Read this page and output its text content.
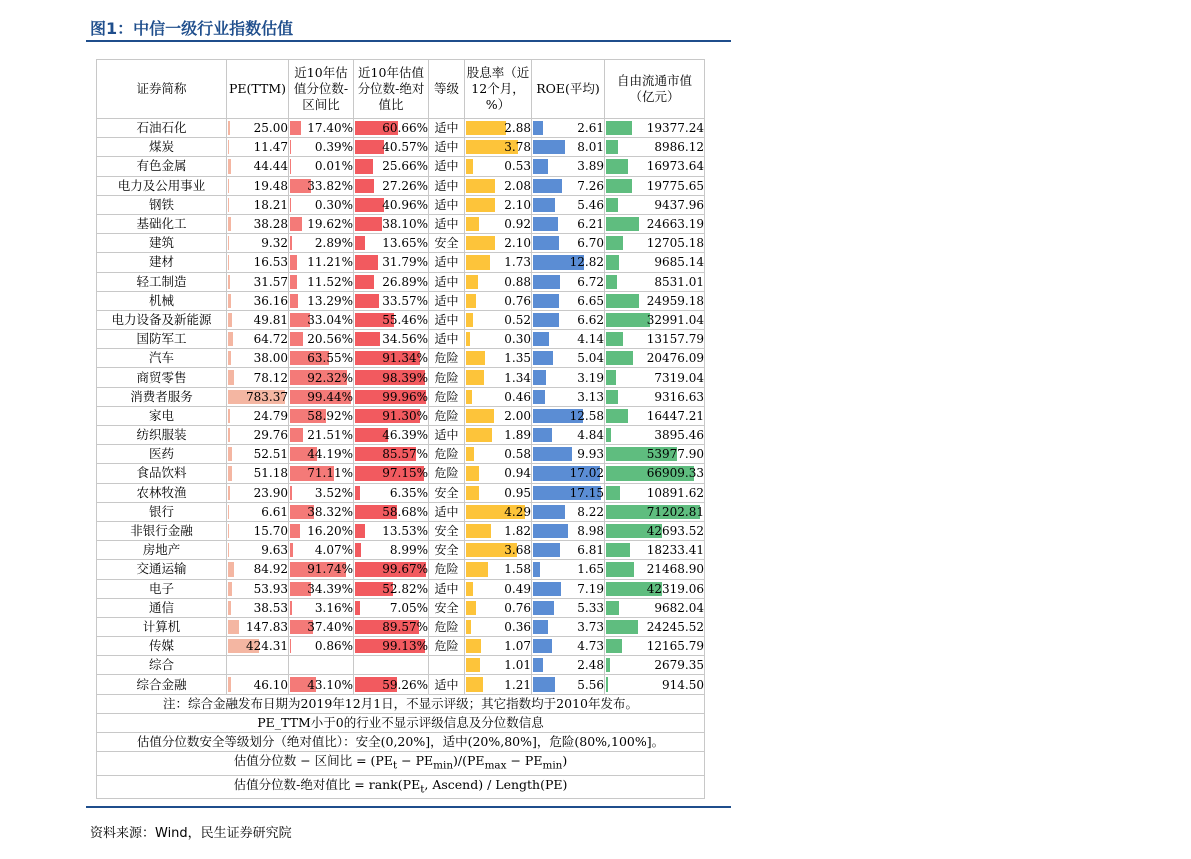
图1：中信一级行业指数估值
证券简称	PE(TTM)	近10年估值分位数-区间比	近10年估值分位数-绝对值比	等级	股息率（近12个月，%）	ROE(平均)	自由流通市值（亿元）
石油石化	25.00	17.40%	60.66%	适中	2.88	2.61	19377.24
煤炭	11.47	0.39%	40.57%	适中	3.78	8.01	8986.12
有色金属	44.44	0.01%	25.66%	适中	0.53	3.89	16973.64
电力及公用事业	19.48	33.82%	27.26%	适中	2.08	7.26	19775.65
钢铁	18.21	0.30%	40.96%	适中	2.10	5.46	9437.96
基础化工	38.28	19.62%	38.10%	适中	0.92	6.21	24663.19
建筑	9.32	2.89%	13.65%	安全	2.10	6.70	12705.18
建材	16.53	11.21%	31.79%	适中	1.73	12.82	9685.14
轻工制造	31.57	11.52%	26.89%	适中	0.88	6.72	8531.01
机械	36.16	13.29%	33.57%	适中	0.76	6.65	24959.18
电力设备及新能源	49.81	33.04%	55.46%	适中	0.52	6.62	32991.04
国防军工	64.72	20.56%	34.56%	适中	0.30	4.14	13157.79
汽车	38.00	63.55%	91.34%	危险	1.35	5.04	20476.09
商贸零售	78.12	92.32%	98.39%	危险	1.34	3.19	7319.04
消费者服务	783.37	99.44%	99.96%	危险	0.46	3.13	9316.63
家电	24.79	58.92%	91.30%	危险	2.00	12.58	16447.21
纺织服装	29.76	21.51%	46.39%	适中	1.89	4.84	3895.46
医药	52.51	44.19%	85.57%	危险	0.58	9.93	53977.90
食品饮料	51.18	71.11%	97.15%	危险	0.94	17.02	66909.33
农林牧渔	23.90	3.52%	6.35%	安全	0.95	17.15	10891.62
银行	6.61	38.32%	58.68%	适中	4.29	8.22	71202.81
非银行金融	15.70	16.20%	13.53%	安全	1.82	8.98	42693.52
房地产	9.63	4.07%	8.99%	安全	3.68	6.81	18233.41
交通运输	84.92	91.74%	99.67%	危险	1.58	1.65	21468.90
电子	53.93	34.39%	52.82%	适中	0.49	7.19	42319.06
通信	38.53	3.16%	7.05%	安全	0.76	5.33	9682.04
计算机	147.83	37.40%	89.57%	危险	0.36	3.73	24245.52
传媒	424.31	0.86%	99.13%	危险	1.07	4.73	12165.79
综合					1.01	2.48	2679.35
综合金融	46.10	43.10%	59.26%	适中	1.21	5.56	914.50
注：综合金融发布日期为2019年12月1日，不显示评级；其它指数均于2010年发布。							
PE_TTM小于0的行业不显示评级信息及分位数信息							
估值分位数安全等级划分（绝对值比）：安全(0,20%]，适中(20%,80%]，危险(80%,100%]。							
估值分位数 − 区间比 = $(PE_t - PE_{min})/(PE_{max} - PE_{min})$							
估值分位数-绝对值比 = $rank(PE_t$, Ascend) / Length(PE)							
资料来源：Wind，民生证券研究院
